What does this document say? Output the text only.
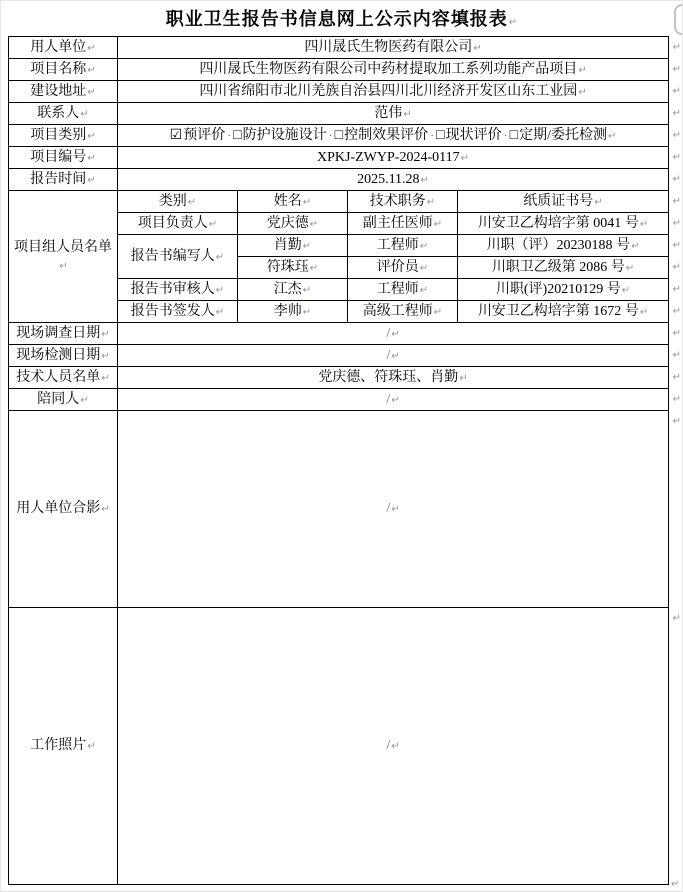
职业卫生报告书信息网上公示内容填报表↵
用人单位↵	四川晟氏生物医药有限公司↵ ↵			

项目名称↵	四川晟氏生物医药有限公司中药材提取加工系列功能产品项目↵ ↵			

建设地址↵	四川省绵阳市北川羌族自治县四川北川经济开发区山东工业园↵ ↵			

联系人↵	范伟↵ ↵			

项目类别↵	☑预评价 · □防护设施设计 · □控制效果评价 · □现状评价 · □定期/委托检测↵ ↵			

项目编号↵	XPKJ-ZWYP-2024-0117↵ ↵			

报告时间↵	2025.11.28↵ ↵			

项目组人员名单↵	类别↵	姓名↵	技术职务↵	纸质证书号↵ ↵

	项目负责人↵	党庆德↵	副主任医师↵	川安卫乙构培字第 0041 号↵ ↵

	报告书编写人↵	肖勤↵	工程师↵	川职（评）20230188 号↵ ↵

		符珠珏↵	评价员↵	川职卫乙级第 2086 号↵ ↵

	报告书审核人↵	江杰↵	工程师↵	川职(评)20210129 号↵ ↵

	报告书签发人↵	李帅↵	高级工程师↵	川安卫乙构培字第 1672 号↵ ↵

现场调查日期↵	/↵ ↵			

现场检测日期↵	/↵ ↵			

技术人员名单↵	党庆德、符珠珏、肖勤↵ ↵			

陪同人↵	/↵ ↵			

用人单位合影↵	/↵
↵			

工作照片↵	/↵
↵			
↵
